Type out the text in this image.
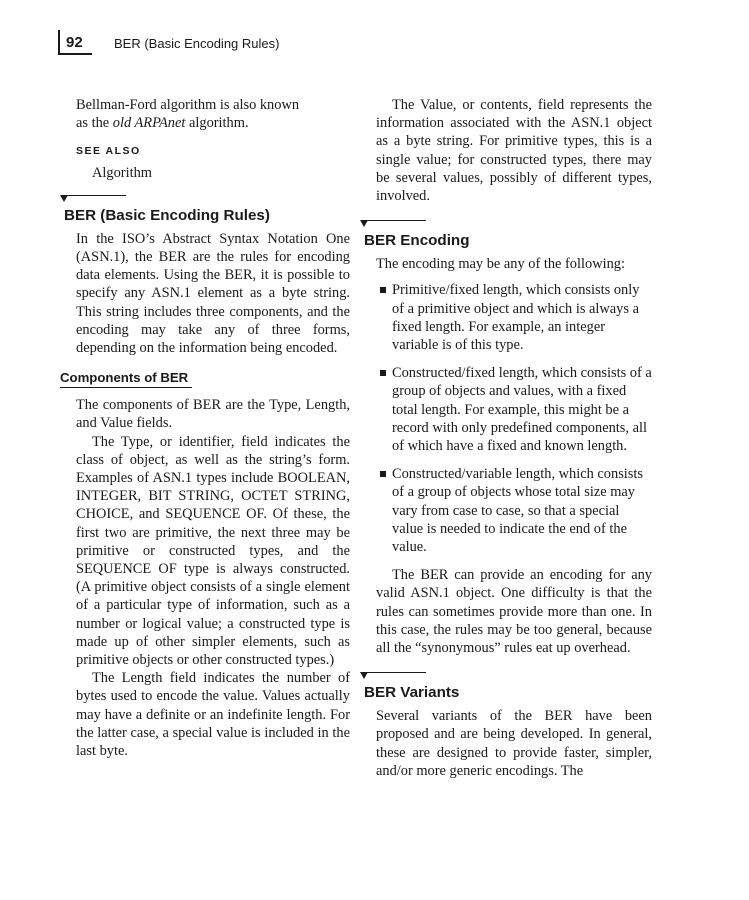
92 BER (Basic Encoding Rules)

Bellman-Ford algorithm is also known

as the old ARPAnet algorithm.

SEE ALSO
Algorithm
BER (Basic Encoding Rules)

In the ISO’s Abstract Syntax Notation One (ASN.1), the BER are the rules for encoding data elements. Using the BER, it is possible to specify any ASN.1 element as a byte string. This string includes three components, and the encoding may take any of three forms, depending on the information being encoded.

Components of BER

The components of BER are the Type, Length, and Value fields.

The Type, or identifier, field indicates the class of object, as well as the string’s form. Examples of ASN.1 types include BOOLEAN, INTEGER, BIT STRING, OCTET STRING, CHOICE, and SEQUENCE OF. Of these, the first two are primitive, the next three may be primitive or constructed types, and the SEQUENCE OF type is always constructed. (A primitive object consists of a single element of a particular type of information, such as a number or logical value; a constructed type is made up of other simpler elements, such as primitive objects or other constructed types.)

The Length field indicates the number of bytes used to encode the value. Values actually may have a definite or an indefinite length. For the latter case, a special value is included in the last byte.

The Value, or contents, field represents the information associated with the ASN.1 object as a byte string. For primitive types, this is a single value; for constructed types, there may be several values, possibly of different types, involved.

BER Encoding

The encoding may be any of the following:

Primitive/fixed length, which consists only of a primitive object and which is always a fixed length. For example, an integer variable is of this type.
Constructed/fixed length, which consists of a group of objects and values, with a fixed total length. For example, this might be a record with only predefined components, all of which have a fixed and known length.
Constructed/variable length, which consists of a group of objects whose total size may vary from case to case, so that a special value is needed to indicate the end of the value.

The BER can provide an encoding for any valid ASN.1 object. One difficulty is that the rules can sometimes provide more than one. In this case, the rules may be too general, because all the “synonymous” rules eat up overhead.

BER Variants

Several variants of the BER have been proposed and are being developed. In general, these are designed to provide faster, simpler, and/or more generic encodings. The
